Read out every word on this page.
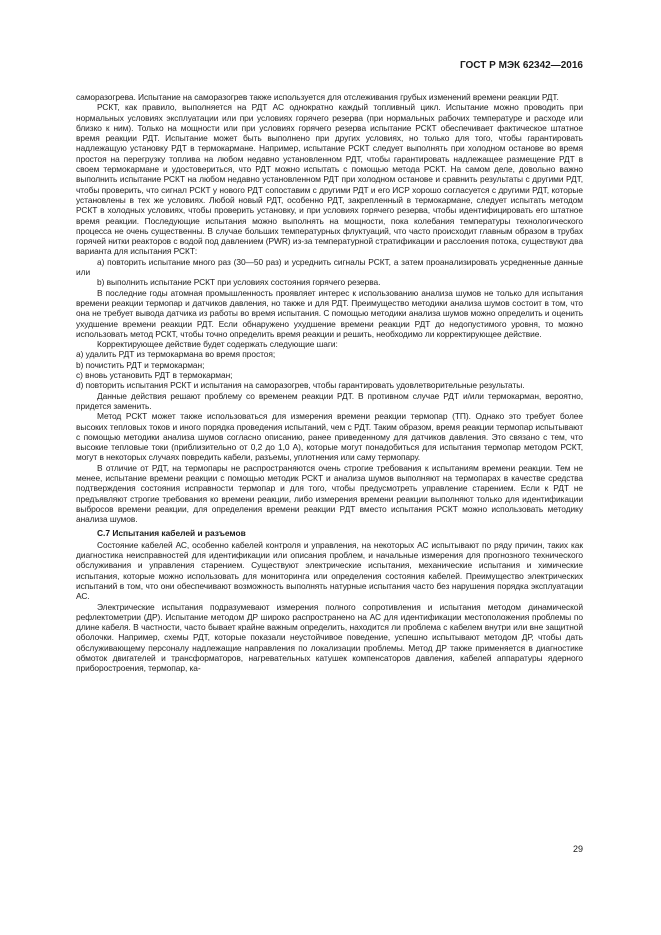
ГОСТ Р МЭК 62342—2016

саморазогрева. Испытание на саморазогрев также используется для отслеживания грубых изменений времени реакции РДТ.

РСКТ, как правило, выполняется на РДТ АС однократно каждый топливный цикл. Испытание можно проводить при нормальных условиях эксплуатации или при условиях горячего резерва (при нормальных рабочих температуре и расходе или близко к ним). Только на мощности или при условиях горячего резерва испытание РСКТ обеспечивает фактическое штатное время реакции РДТ. Испытание может быть выполнено при других условиях, но только для того, чтобы гарантировать надлежащую установку РДТ в термокармане. Например, испытание РСКТ следует выполнять при холодном останове во время простоя на перегрузку топлива на любом недавно установленном РДТ, чтобы гарантировать надлежащее размещение РДТ в своем термокармане и удостовериться, что РДТ можно испытать с помощью метода РСКТ. На самом деле, довольно важно выполнить испытание РСКТ на любом недавно установленном РДТ при холодном останове и сравнить результаты с другими РДТ, чтобы проверить, что сигнал РСКТ у нового РДТ сопоставим с другими РДТ и его ИСР хорошо согласуется с другими РДТ, которые установлены в тех же условиях. Любой новый РДТ, особенно РДТ, закрепленный в термокармане, следует испытать методом РСКТ в холодных условиях, чтобы проверить установку, и при условиях горячего резерва, чтобы идентифицировать его штатное время реакции. Последующие испытания можно выполнять на мощности, пока колебания температуры технологического процесса не очень существенны. В случае больших температурных флуктуаций, что часто происходит главным образом в трубах горячей нитки реакторов с водой под давлением (PWR) из-за температурной стратификации и расслоения потока, существуют два варианта для испытания РСКТ:

a) повторить испытание много раз (30—50 раз) и усреднить сигналы РСКТ, а затем проанализировать усредненные данные или

b) выполнить испытание РСКТ при условиях состояния горячего резерва.

В последние годы атомная промышленность проявляет интерес к использованию анализа шумов не только для испытания времени реакции термопар и датчиков давления, но также и для РДТ. Преимущество методики анализа шумов состоит в том, что она не требует вывода датчика из работы во время испытания. С помощью методики анализа шумов можно определить и оценить ухудшение времени реакции РДТ. Если обнаружено ухудшение времени реакции РДТ до недопустимого уровня, то можно использовать метод РСКТ, чтобы точно определить время реакции и решить, необходимо ли корректирующее действие.

Корректирующее действие будет содержать следующие шаги:

a) удалить РДТ из термокармана во время простоя;

b) почистить РДТ и термокарман;

c) вновь установить РДТ в термокарман;

d) повторить испытания РСКТ и испытания на саморазогрев, чтобы гарантировать удовлетворительные результаты.

Данные действия решают проблему со временем реакции РДТ. В противном случае РДТ и/или термокарман, вероятно, придется заменить.

Метод РСКТ может также использоваться для измерения времени реакции термопар (ТП). Однако это требует более высоких тепловых токов и иного порядка проведения испытаний, чем с РДТ. Таким образом, время реакции термопар испытывают с помощью методики анализа шумов согласно описанию, ранее приведенному для датчиков давления. Это связано с тем, что высокие тепловые токи (приблизительно от 0,2 до 1,0 А), которые могут понадобиться для испытания термопар методом РСКТ, могут в некоторых случаях повредить кабели, разъемы, уплотнения или саму термопару.

В отличие от РДТ, на термопары не распространяются очень строгие требования к испытаниям времени реакции. Тем не менее, испытание времени реакции с помощью методик РСКТ и анализа шумов выполняют на термопарах в качестве средства подтверждения состояния исправности термопар и для того, чтобы предусмотреть управление старением. Если к РДТ не предъявляют строгие требования ко времени реакции, либо измерения времени реакции выполняют только для идентификации выбросов времени реакции, для определения времени реакции РДТ вместо испытания РСКТ можно использовать методику анализа шумов.

С.7 Испытания кабелей и разъемов

Состояние кабелей АС, особенно кабелей контроля и управления, на некоторых АС испытывают по ряду причин, таких как диагностика неисправностей для идентификации или описания проблем, и начальные измерения для прогнозного технического обслуживания и управления старением. Существуют электрические испытания, механические испытания и химические испытания, которые можно использовать для мониторинга или определения состояния кабелей. Преимущество электрических испытаний в том, что они обеспечивают возможность выполнять натурные испытания часто без нарушения порядка эксплуатации АС.

Электрические испытания подразумевают измерения полного сопротивления и испытания методом динамической рефлектометрии (ДР). Испытание методом ДР широко распространено на АС для идентификации местоположения проблемы по длине кабеля. В частности, часто бывает крайне важным определить, находится ли проблема с кабелем внутри или вне защитной оболочки. Например, схемы РДТ, которые показали неустойчивое поведение, успешно испытывают методом ДР, чтобы дать обслуживающему персоналу надлежащие направления по локализации проблемы. Метод ДР также применяется в диагностике обмоток двигателей и трансформаторов, нагревательных катушек компенсаторов давления, кабелей аппаратуры ядерного приборостроения, термопар, ка-

29
